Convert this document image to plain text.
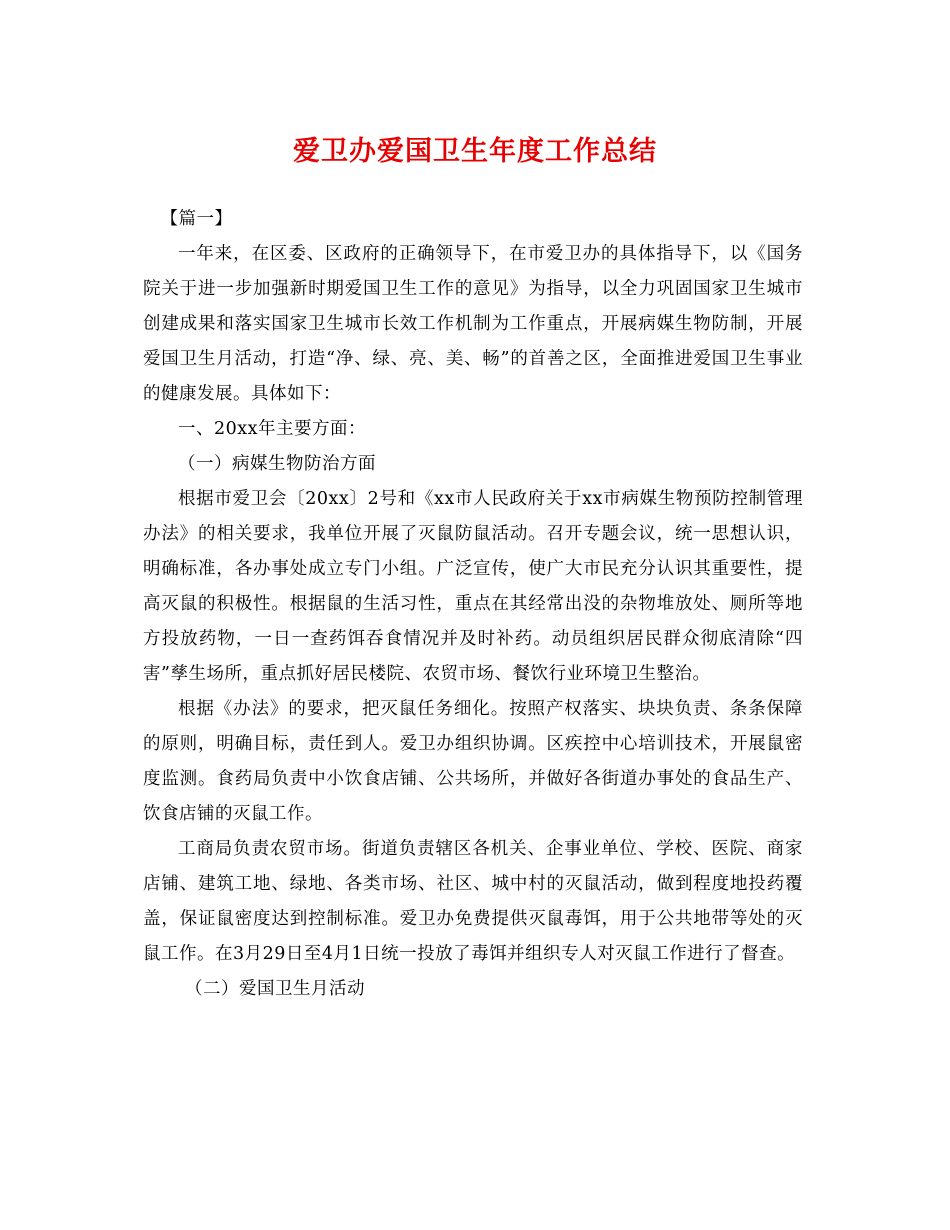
爱卫办爱国卫生年度工作总结

【篇一】

一年来，在区委、区政府的正确领导下，在市爱卫办的具体指导下，以《国务院关于进一步加强新时期爱国卫生工作的意见》为指导，以全力巩固国家卫生城市创建成果和落实国家卫生城市长效工作机制为工作重点，开展病媒生物防制，开展爱国卫生月活动，打造“净、绿、亮、美、畅”的首善之区，全面推进爱国卫生事业的健康发展。具体如下：

一、20xx年主要方面：

（一）病媒生物防治方面

根据市爱卫会〔20xx〕2号和《xx市人民政府关于xx市病媒生物预防控制管理办法》的相关要求，我单位开展了灭鼠防鼠活动。召开专题会议，统一思想认识，明确标准，各办事处成立专门小组。广泛宣传，使广大市民充分认识其重要性，提高灭鼠的积极性。根据鼠的生活习性，重点在其经常出没的杂物堆放处、厕所等地方投放药物，一日一查药饵吞食情况并及时补药。动员组织居民群众彻底清除“四害”孳生场所，重点抓好居民楼院、农贸市场、餐饮行业环境卫生整治。

根据《办法》的要求，把灭鼠任务细化。按照产权落实、块块负责、条条保障的原则，明确目标，责任到人。爱卫办组织协调。区疾控中心培训技术，开展鼠密度监测。食药局负责中小饮食店铺、公共场所，并做好各街道办事处的食品生产、饮食店铺的灭鼠工作。

工商局负责农贸市场。街道负责辖区各机关、企事业单位、学校、医院、商家店铺、建筑工地、绿地、各类市场、社区、城中村的灭鼠活动，做到程度地投药覆盖，保证鼠密度达到控制标准。爱卫办免费提供灭鼠毒饵，用于公共地带等处的灭鼠工作。在3月29日至4月1日统一投放了毒饵并组织专人对灭鼠工作进行了督查。

（二）爱国卫生月活动
